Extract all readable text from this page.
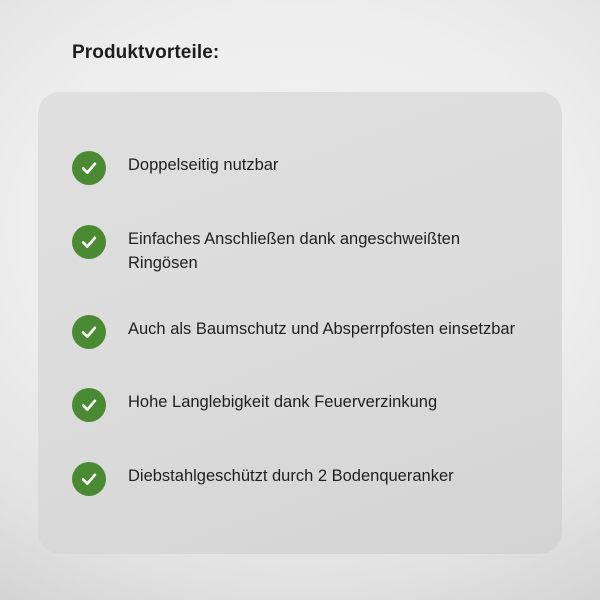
Produktvorteile:
Doppelseitig nutzbar
Einfaches Anschließen dank angeschweißten Ringösen
Auch als Baumschutz und Absperrpfosten einsetzbar
Hohe Langlebigkeit dank Feuerverzinkung
Diebstahlgeschützt durch 2 Bodenqueranker
